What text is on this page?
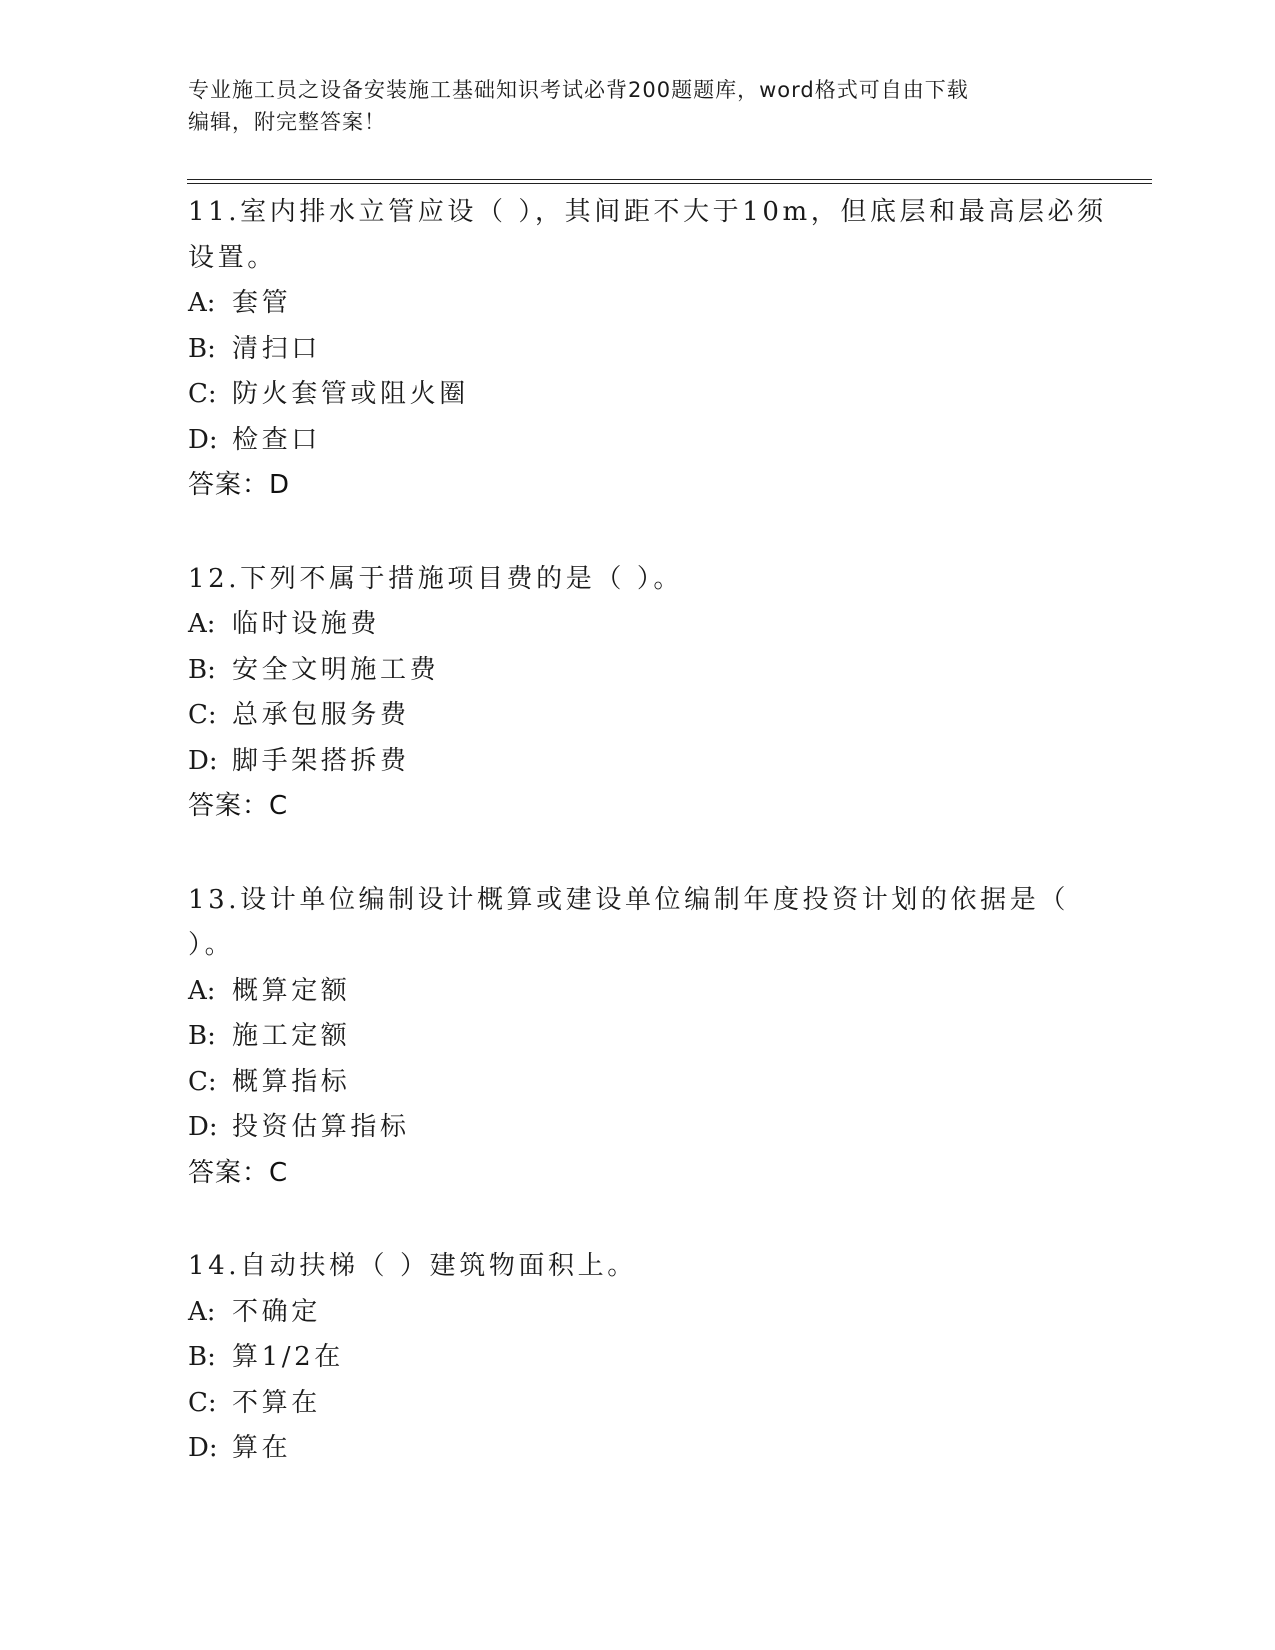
专业施工员之设备安装施工基础知识考试必背200题题库，word格式可自由下载
编辑，附完整答案！
11.室内排水立管应设（ ），其间距不大于10m，但底层和最高层必须
设置。
A: 套管
B: 清扫口
C: 防火套管或阻火圈
D: 检查口
答案：D
12.下列不属于措施项目费的是（ ）。
A: 临时设施费
B: 安全文明施工费
C: 总承包服务费
D: 脚手架搭拆费
答案：C
13.设计单位编制设计概算或建设单位编制年度投资计划的依据是（
）。
A: 概算定额
B: 施工定额
C: 概算指标
D: 投资估算指标
答案：C
14.自动扶梯（ ）建筑物面积上。
A: 不确定
B: 算1/2在
C: 不算在
D: 算在
